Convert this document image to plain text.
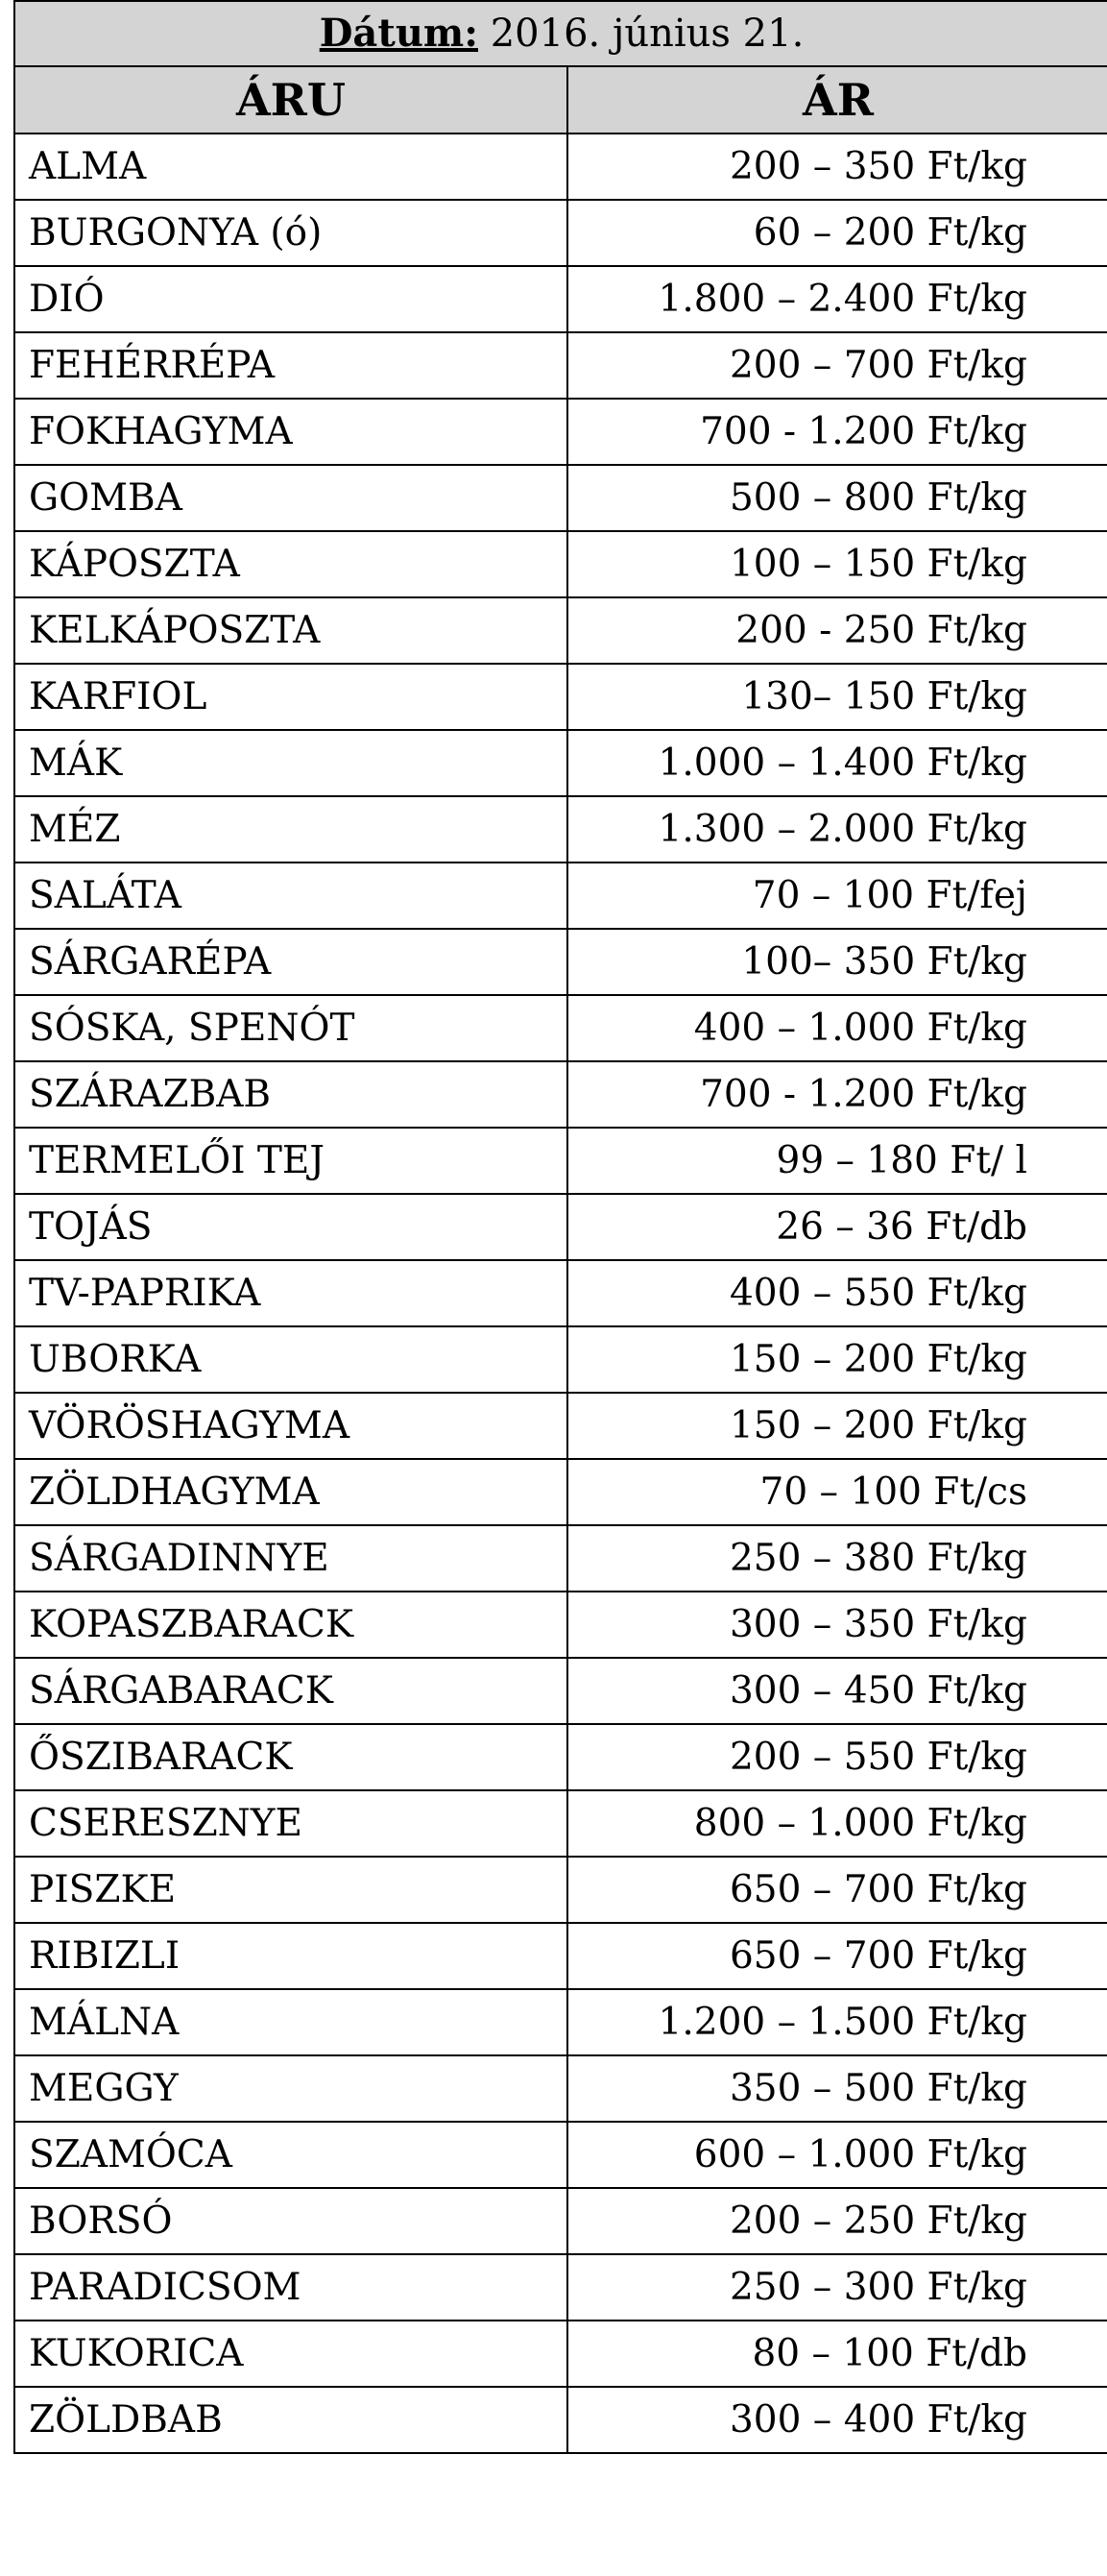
Dátum: 2016. június 21.	
ÁRU	ÁR
ALMA	200 – 350 Ft/kg
BURGONYA (ó)	60 – 200 Ft/kg
DIÓ	1.800 – 2.400 Ft/kg
FEHÉRRÉPA	200 – 700 Ft/kg
FOKHAGYMA	700 - 1.200 Ft/kg
GOMBA	500 – 800 Ft/kg
KÁPOSZTA	100 – 150 Ft/kg
KELKÁPOSZTA	200 - 250 Ft/kg
KARFIOL	130– 150 Ft/kg
MÁK	1.000 – 1.400 Ft/kg
MÉZ	1.300 – 2.000 Ft/kg
SALÁTA	70 – 100 Ft/fej
SÁRGARÉPA	100– 350 Ft/kg
SÓSKA, SPENÓT	400 – 1.000 Ft/kg
SZÁRAZBAB	700 - 1.200 Ft/kg
TERMELŐI TEJ	99 – 180 Ft/ l
TOJÁS	26 – 36 Ft/db
TV-PAPRIKA	400 – 550 Ft/kg
UBORKA	150 – 200 Ft/kg
VÖRÖSHAGYMA	150 – 200 Ft/kg
ZÖLDHAGYMA	70 – 100 Ft/cs
SÁRGADINNYE	250 – 380 Ft/kg
KOPASZBARACK	300 – 350 Ft/kg
SÁRGABARACK	300 – 450 Ft/kg
ŐSZIBARACK	200 – 550 Ft/kg
CSERESZNYE	800 – 1.000 Ft/kg
PISZKE	650 – 700 Ft/kg
RIBIZLI	650 – 700 Ft/kg
MÁLNA	1.200 – 1.500 Ft/kg
MEGGY	350 – 500 Ft/kg
SZAMÓCA	600 – 1.000 Ft/kg
BORSÓ	200 – 250 Ft/kg
PARADICSOM	250 – 300 Ft/kg
KUKORICA	80 – 100 Ft/db
ZÖLDBAB	300 – 400 Ft/kg
